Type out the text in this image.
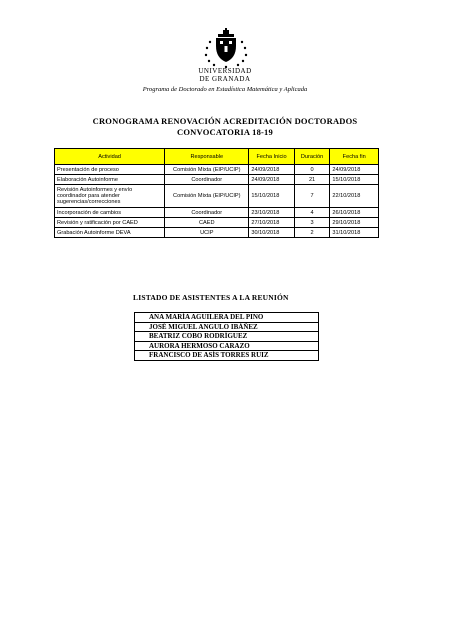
UNIVERSIDAD
DE GRANADA
Programa de Doctorado en Estadística Matemática y Aplicada
CRONOGRAMA RENOVACIÓN ACREDITACIÓN DOCTORADOS
CONVOCATORIA 18-19
Actividad	Responsable	Fecha Inicio	Duración	Fecha fin
Presentación de proceso	Comisión Mixta (EIP/UCIP)	24/09/2018	0	24/09/2018
Elaboración Autoinforme	Coordinador	24/09/2018	21	15/10/2018
Revisión Autoinformes y envío coordinador para atender sugerencias/correcciones	Comisión Mixta (EIP/UCIP)	15/10/2018	7	22/10/2018
Incorporación de cambios	Coordinador	23/10/2018	4	26/10/2018
Revisión y ratificación por CAED	CAED	27/10/2018	3	29/10/2018
Grabación Autoinforme DEVA	UCIP	30/10/2018	2	31/10/2018
LISTADO DE ASISTENTES A LA REUNIÓN
ANA MARÍA AGUILERA DEL PINO
JOSÉ MIGUEL ANGULO IBÁÑEZ
BEATRIZ COBO RODRÍGUEZ
AURORA HERMOSO CARAZO
FRANCISCO DE ASÍS TORRES RUIZ
